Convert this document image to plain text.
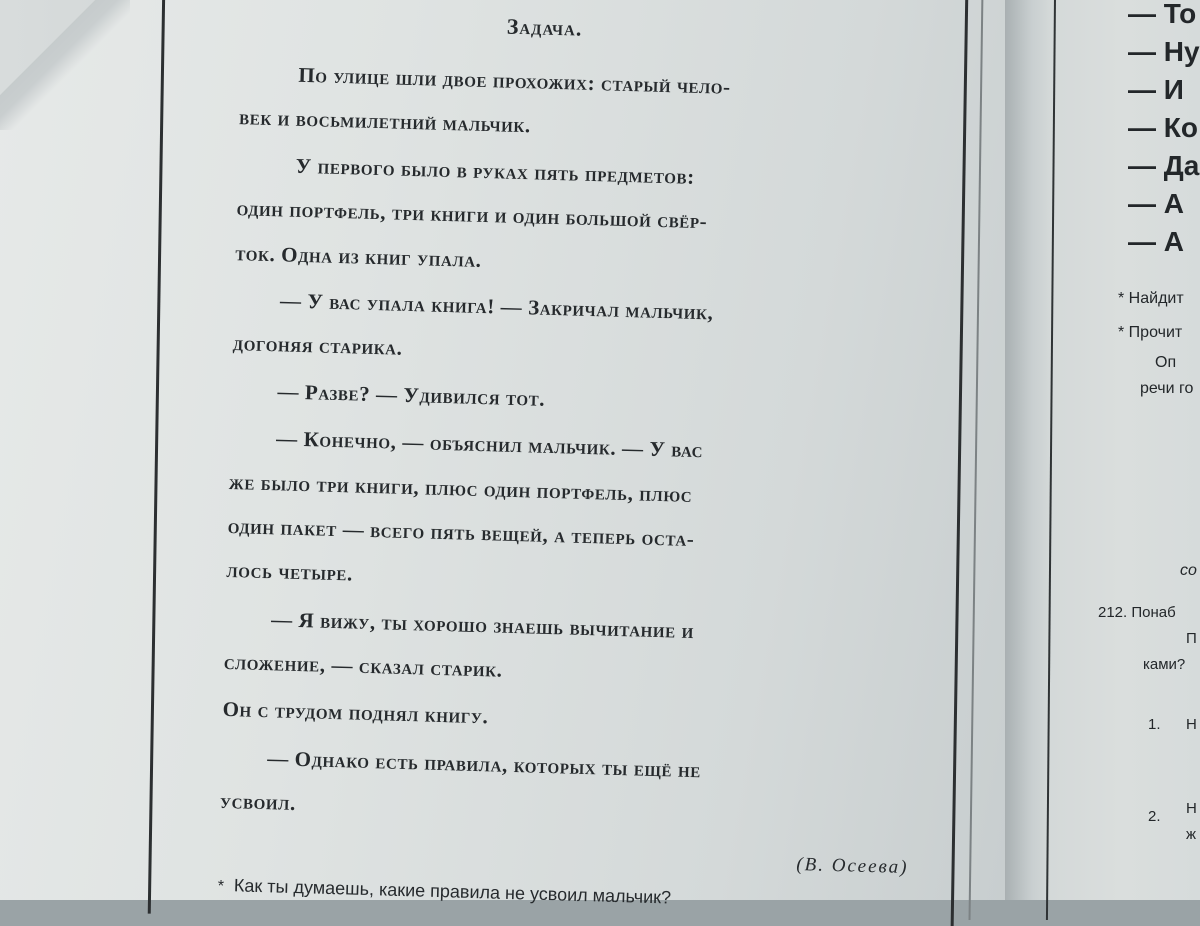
Задача.
По улице шли двое прохожих: старый чело-
век и восьмилетний мальчик.
У первого было в руках пять предметов:
один портфель, три книги и один большой свёр-
ток. Одна из книг упала.
— У вас упала книга! — Закричал мальчик,
догоняя старика.
— Разве? — Удивился тот.
— Конечно, — объяснил мальчик. — У вас
же было три книги, плюс один портфель, плюс
один пакет — всего пять вещей, а теперь оста-
лось четыре.
— Я вижу, ты хорошо знаешь вычитание и
сложение, — сказал старик.
Он с трудом поднял книгу.
— Однако есть правила, которых ты ещё не
усвоил.
(В. Осеева)
* Как ты думаешь, какие правила не усвоил мальчик?
— То
— Ну
— И
— Ко
— Да
— А
— А
* Найдит
* Прочит
Оп
речи го
со
212. Понаб
П
ками?
1. Н
2. Н
ж
